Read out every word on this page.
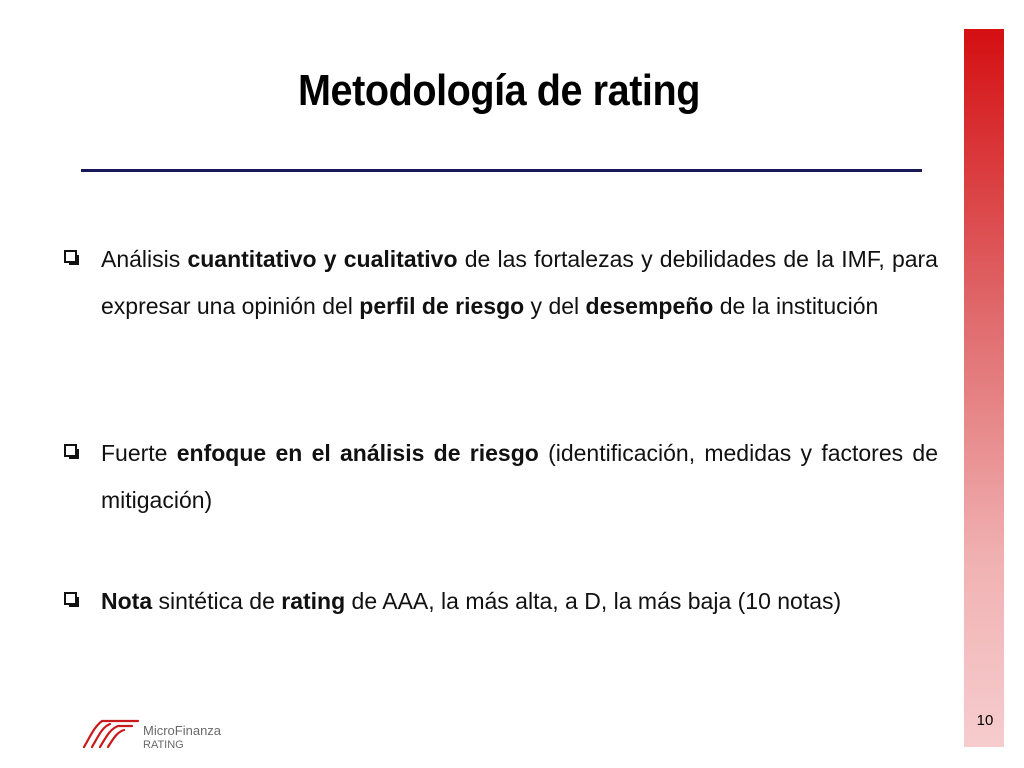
Metodología de rating
Análisis cuantitativo y cualitativo de las fortalezas y debilidades de la IMF, para expresar una opinión del perfil de riesgo y del desempeño de la institución
Fuerte enfoque en el análisis de riesgo (identificación, medidas y factores de mitigación)
Nota sintética de rating de AAA, la más alta, a D, la más baja (10 notas)
MicroFinanza
RATING
10
